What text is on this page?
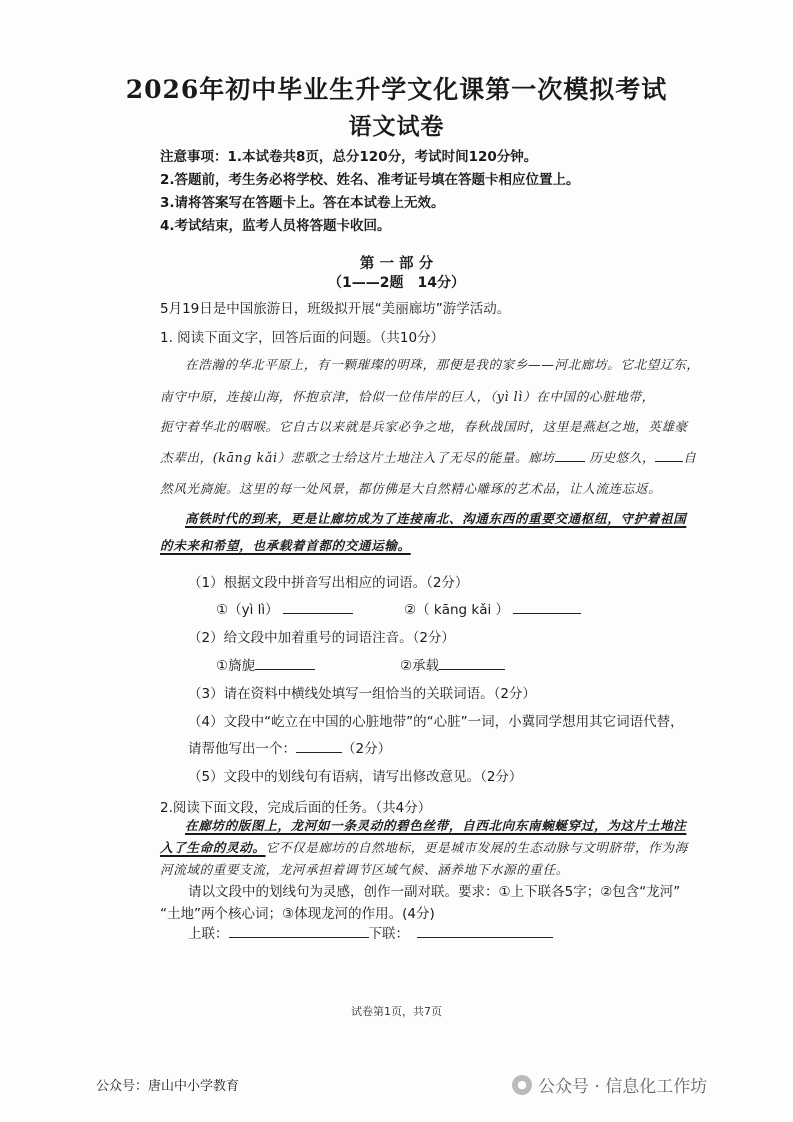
2026年初中毕业生升学文化课第一次模拟考试
语文试卷
注意事项：1.本试卷共8页，总分120分，考试时间120分钟。
2.答题前，考生务必将学校、姓名、准考证号填在答题卡相应位置上。
3.请将答案写在答题卡上。答在本试卷上无效。
4.考试结束，监考人员将答题卡收回。
第 一 部 分
（1——2题　14分）
5月19日是中国旅游日，班级拟开展“美丽廊坊”游学活动。
1. 阅读下面文字，回答后面的问题。（共10分）
在浩瀚的华北平原上，有一颗璀璨的明珠，那便是我的家乡——河北廊坊。它北望辽东，
南守中原，连接山海，怀抱京津，恰似一位伟岸的巨人，（yì lì）在中国的心脏地带，
扼守着华北的咽喉。它自古以来就是兵家必争之地，春秋战国时，这里是燕赵之地，英雄豪
杰辈出，(kāng kǎi）悲歌之士给这片土地注入了无尽的能量。廊坊	历史悠久， 自
然风光旖旎。这里的每一处风景，都仿佛是大自然精心雕琢的艺术品，让人流连忘返。
高铁时代的到来，更是让廊坊成为了连接南北、沟通东西的重要交通枢纽，守护着祖国
的未来和希望，也承载着首都的交通运输。
（1）根据文段中拼音写出相应的词语。（2分）
①（yì lì）	②（ kāng kǎi ）
（2）给文段中加着重号的词语注音。（2分）
①旖旎	②承载
（3）请在资料中横线处填写一组恰当的关联词语。（2分）
（4）文段中“屹立在中国的心脏地带”的“心脏”一词，小冀同学想用其它词语代替，
请帮他写出一个：	（2分）
（5）文段中的划线句有语病，请写出修改意见。（2分）
2.阅读下面文段，完成后面的任务。（共4分）
在廊坊的版图上，龙河如一条灵动的碧色丝带，自西北向东南蜿蜒穿过，为这片土地注
入了生命的灵动。它不仅是廊坊的自然地标，更是城市发展的生态动脉与文明脐带，作为海
河流域的重要支流，龙河承担着调节区域气候、涵养地下水源的重任。
请以文段中的划线句为灵感，创作一副对联。要求：①上下联各5字；②包含“龙河”
“土地”两个核心词；③体现龙河的作用。(4分)
上联：	下联：
试卷第1页，共7页
公众号：唐山中小学教育	● 公众号 · 信息化工作坊
